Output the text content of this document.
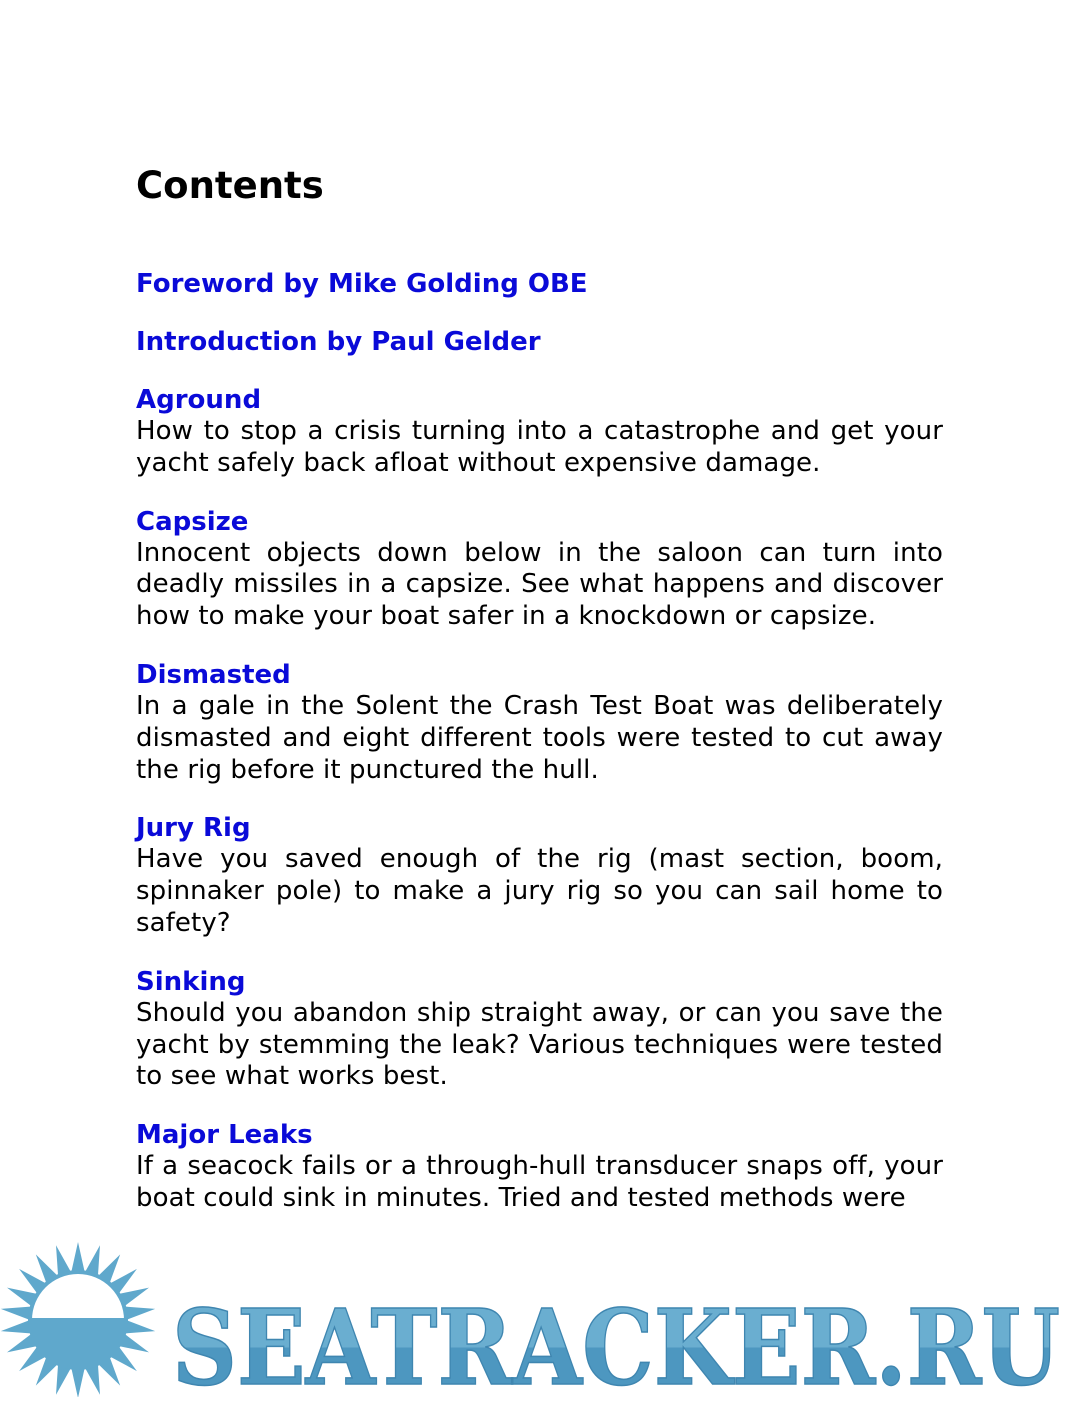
Contents
Foreword by Mike Golding OBE
Introduction by Paul Gelder
Aground

How to stop a crisis turning into a catastrophe and get your yacht safely back afloat without expensive damage.

Capsize

Innocent objects down below in the saloon can turn into deadly missiles in a capsize. See what happens and discover how to make your boat safer in a knockdown or capsize.

Dismasted

In a gale in the Solent the Crash Test Boat was deliberately dismasted and eight different tools were tested to cut away the rig before it punctured the hull.

Jury Rig

Have you saved enough of the rig (mast section, boom, spinnaker pole) to make a jury rig so you can sail home to safety?

Sinking

Should you abandon ship straight away, or can you save the yacht by stemming the leak? Various techniques were tested to see what works best.

Major Leaks

If a seacock fails or a through-hull transducer snaps off, your boat could sink in minutes. Tried and tested methods were

SEATRACKER.RU
